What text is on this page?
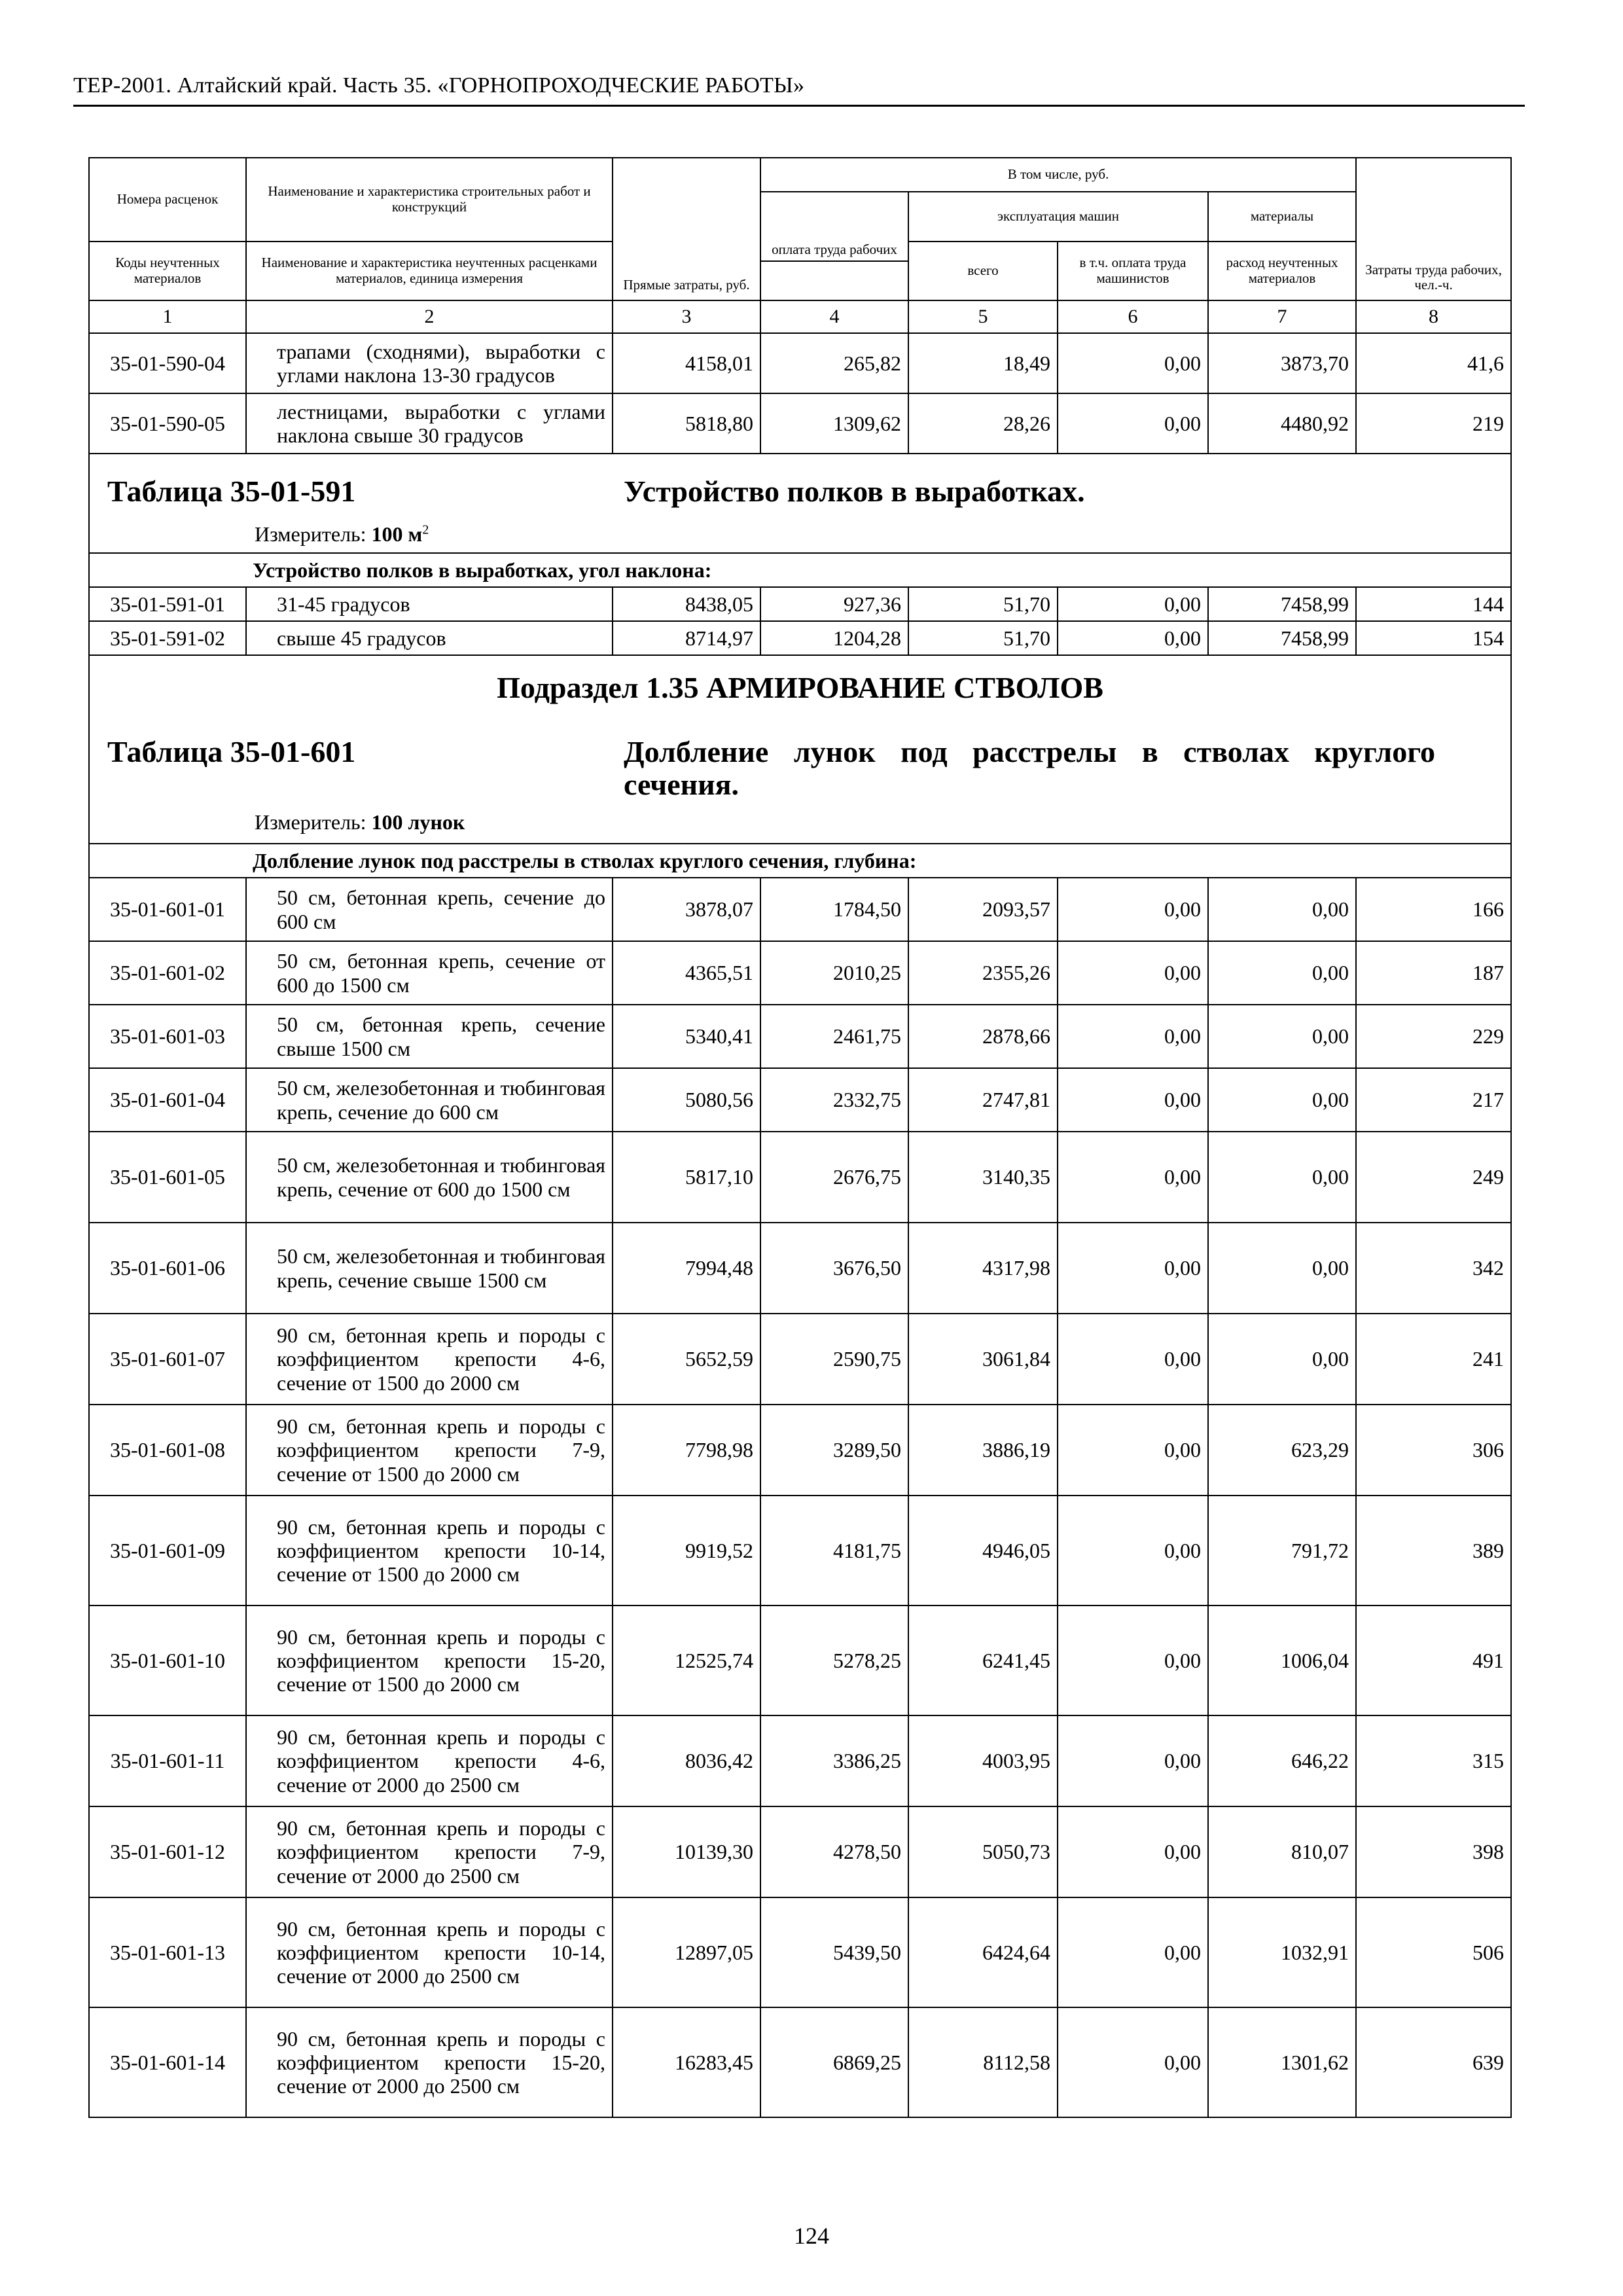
ТЕР-2001. Алтайский край. Часть 35. «ГОРНОПРОХОДЧЕСКИЕ РАБОТЫ»
Номера расценок	Наименование и характеристика строительных работ и конструкций	Прямые затраты, руб.	В том числе, руб.				Затраты труда рабочих, чел.-ч.
			оплата труда рабочих	эксплуатация машин		материалы	
Коды неучтенных материалов	Наименование и характеристика неучтенных расценками материалов, единица измерения			всего	в т.ч. оплата труда машинистов	расход неучтенных материалов	

1	2	3	4	5	6	7	8
35-01-590-04	трапами (сходнями), выработки с углами наклона 13-30 градусов	4158,01	265,82	18,49	0,00	3873,70	41,6
35-01-590-05	лестницами, выработки с углами наклона свыше 30 градусов	5818,80	1309,62	28,26	0,00	4480,92	219

Таблица 35-01-591 Устройство полков в выработках.
Измеритель: 100 $м^2$

	Устройство полков в выработках, угол наклона:						
35-01-591-01	31-45 градусов	8438,05	927,36	51,70	0,00	7458,99	144
35-01-591-02	свыше 45 градусов	8714,97	1204,28	51,70	0,00	7458,99	154

Подраздел 1.35 АРМИРОВАНИЕ СТВОЛОВ
Таблица 35-01-601 Долбление лунок под расстрелы в стволах круглого сечения.
Измеритель: 100 лунок							

	Долбление лунок под расстрелы в стволах круглого сечения, глубина:						
35-01-601-01	50 см, бетонная крепь, сечение до 600 см	3878,07	1784,50	2093,57	0,00	0,00	166
35-01-601-02	50 см, бетонная крепь, сечение от 600 до 1500 см	4365,51	2010,25	2355,26	0,00	0,00	187
35-01-601-03	50 см, бетонная крепь, сечение свыше 1500 см	5340,41	2461,75	2878,66	0,00	0,00	229
35-01-601-04	50 см, железобетонная и тюбинговая крепь, сечение до 600 см	5080,56	2332,75	2747,81	0,00	0,00	217
35-01-601-05	50 см, железобетонная и тюбинговая крепь, сечение от 600 до 1500 см	5817,10	2676,75	3140,35	0,00	0,00	249
35-01-601-06	50 см, железобетонная и тюбинговая крепь, сечение свыше 1500 см	7994,48	3676,50	4317,98	0,00	0,00	342
35-01-601-07	90 см, бетонная крепь и породы с коэффициентом крепости 4-6, сечение от 1500 до 2000 см	5652,59	2590,75	3061,84	0,00	0,00	241
35-01-601-08	90 см, бетонная крепь и породы с коэффициентом крепости 7-9, сечение от 1500 до 2000 см	7798,98	3289,50	3886,19	0,00	623,29	306
35-01-601-09	90 см, бетонная крепь и породы с коэффициентом крепости 10-14, сечение от 1500 до 2000 см	9919,52	4181,75	4946,05	0,00	791,72	389
35-01-601-10	90 см, бетонная крепь и породы с коэффициентом крепости 15-20, сечение от 1500 до 2000 см	12525,74	5278,25	6241,45	0,00	1006,04	491
35-01-601-11	90 см, бетонная крепь и породы с коэффициентом крепости 4-6, сечение от 2000 до 2500 см	8036,42	3386,25	4003,95	0,00	646,22	315
35-01-601-12	90 см, бетонная крепь и породы с коэффициентом крепости 7-9, сечение от 2000 до 2500 см	10139,30	4278,50	5050,73	0,00	810,07	398
35-01-601-13	90 см, бетонная крепь и породы с коэффициентом крепости 10-14, сечение от 2000 до 2500 см	12897,05	5439,50	6424,64	0,00	1032,91	506
35-01-601-14	90 см, бетонная крепь и породы с коэффициентом крепости 15-20, сечение от 2000 до 2500 см	16283,45	6869,25	8112,58	0,00	1301,62	639
124
